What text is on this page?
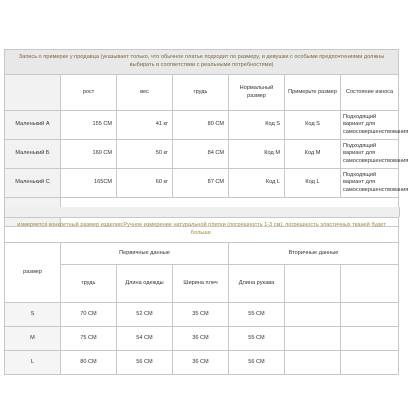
Запись о примерке у продавца (указывает только, что обычное платье подходит по размеру, и девушки с особыми предпочтениями должны выбирать в соответствии с реальными потребностями)						
	рост	вес	грудь	Нормальный размер	Примерьте размер	Состояние износа
Маленький А	155 СМ	41 кг	80 СМ	Код S	Код S	Подходящий вариант для самосовершенствования
Маленький Б	160 СМ	50 кг	84 СМ	Код М	Код М	Подходящий вариант для самосовершенствования
Маленький С	165СМ	60 кг	87 СМ	Код L	Код L	Подходящий вариант для самосовершенствования

измеряется конкретный размер изделия:Ручное измерение натуральной плитки (погрешность 1-3 см), погрешность эластичных тканей будет больше.						
размер	Первичные данные			Вторичные данные		
	грудь	Длина одежды	Ширина плеч	Длина рукава		
S	70 СМ	52 СМ	35 СМ	55 СМ		
M	75 СМ	54 СМ	36 СМ	55 СМ		
L	80 СМ	56 СМ	36 СМ	56 СМ		
